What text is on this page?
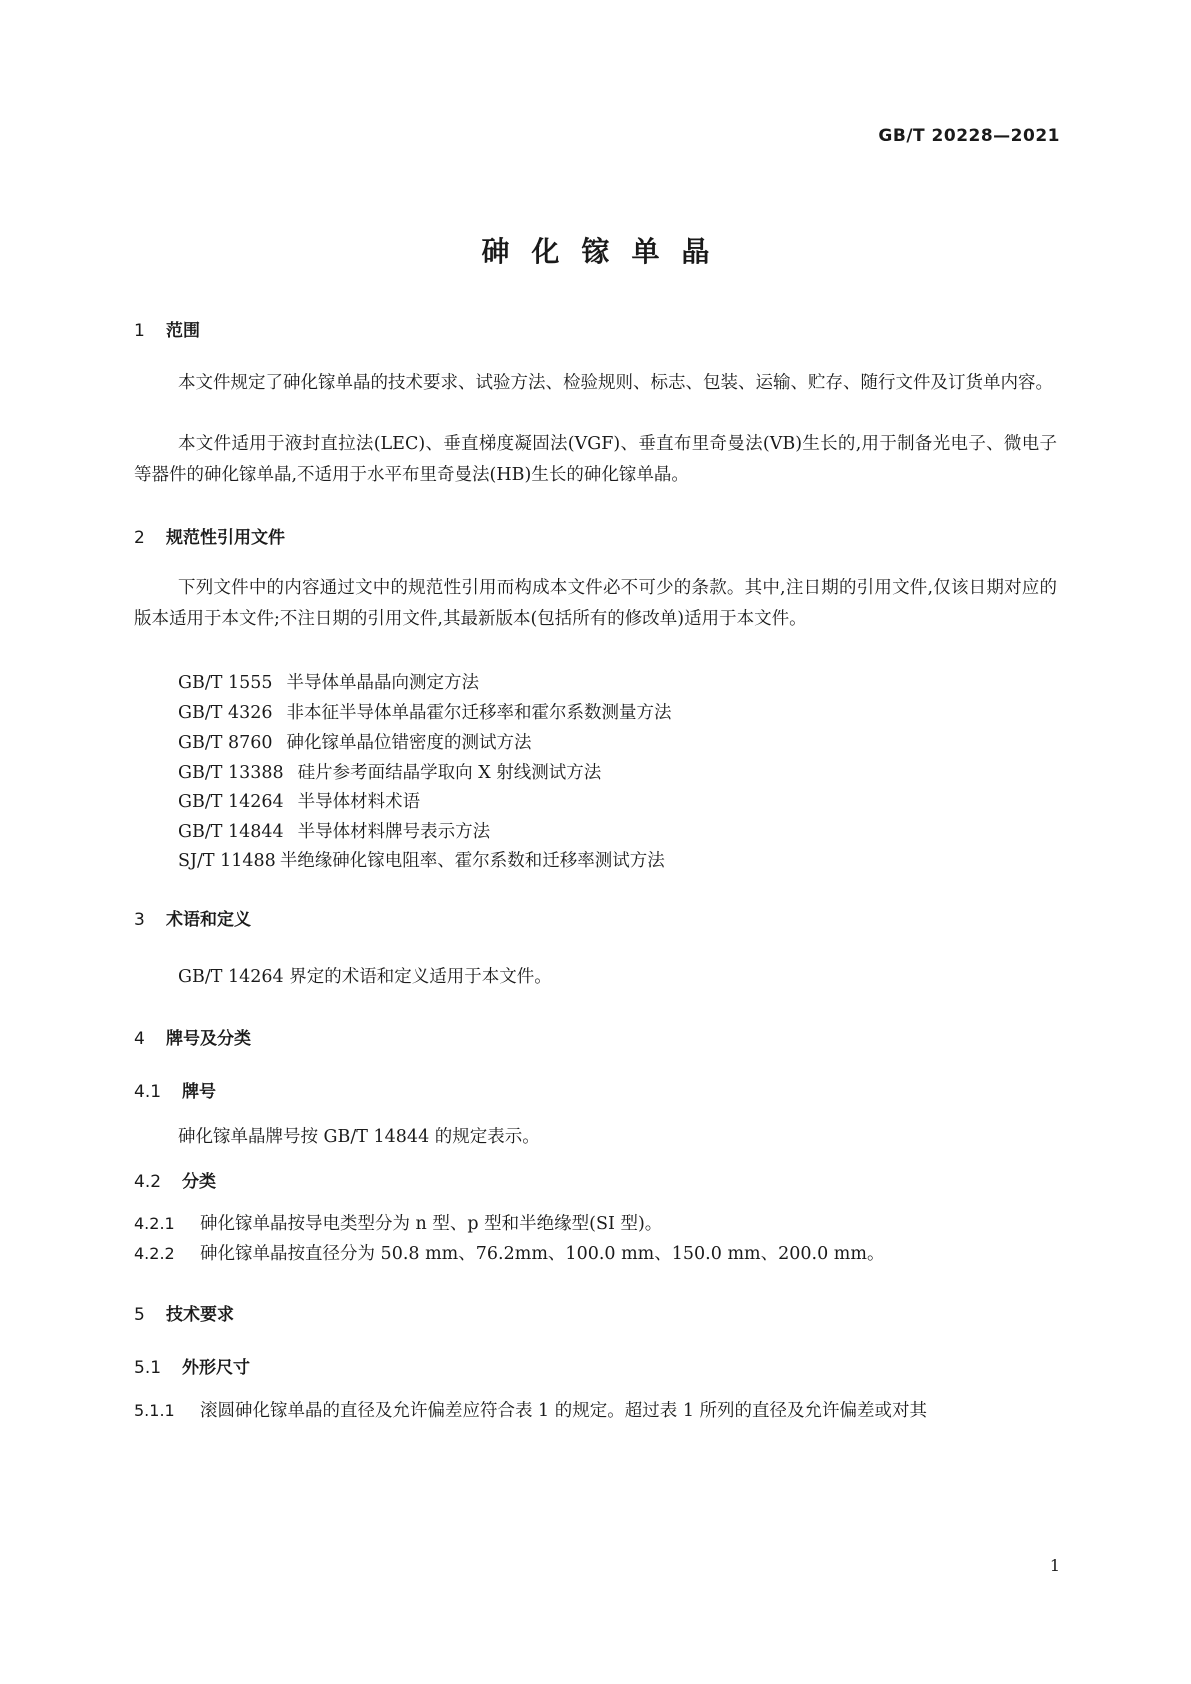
GB/T 20228—2021
砷化镓单晶
1 范围

本文件规定了砷化镓单晶的技术要求、试验方法、检验规则、标志、包装、运输、贮存、随行文件及订货单内容。

本文件适用于液封直拉法(LEC)、垂直梯度凝固法(VGF)、垂直布里奇曼法(VB)生长的,用于制备光电子、微电子等器件的砷化镓单晶,不适用于水平布里奇曼法(HB)生长的砷化镓单晶。

2 规范性引用文件

下列文件中的内容通过文中的规范性引用而构成本文件必不可少的条款。其中,注日期的引用文件,仅该日期对应的版本适用于本文件;不注日期的引用文件,其最新版本(包括所有的修改单)适用于本文件。

GB/T 1555 半导体单晶晶向测定方法
GB/T 4326 非本征半导体单晶霍尔迁移率和霍尔系数测量方法
GB/T 8760 砷化镓单晶位错密度的测试方法
GB/T 13388 硅片参考面结晶学取向 X 射线测试方法
GB/T 14264 半导体材料术语
GB/T 14844 半导体材料牌号表示方法
SJ/T 11488 半绝缘砷化镓电阻率、霍尔系数和迁移率测试方法
3 术语和定义
GB/T 14264 界定的术语和定义适用于本文件。
4 牌号及分类
4.1 牌号
砷化镓单晶牌号按 GB/T 14844 的规定表示。
4.2 分类
4.2.1 砷化镓单晶按导电类型分为 n 型、p 型和半绝缘型(SI 型)。
4.2.2 砷化镓单晶按直径分为 50.8 mm、76.2mm、100.0 mm、150.0 mm、200.0 mm。
5 技术要求
5.1 外形尺寸
5.1.1 滚圆砷化镓单晶的直径及允许偏差应符合表 1 的规定。超过表 1 所列的直径及允许偏差或对其
1
